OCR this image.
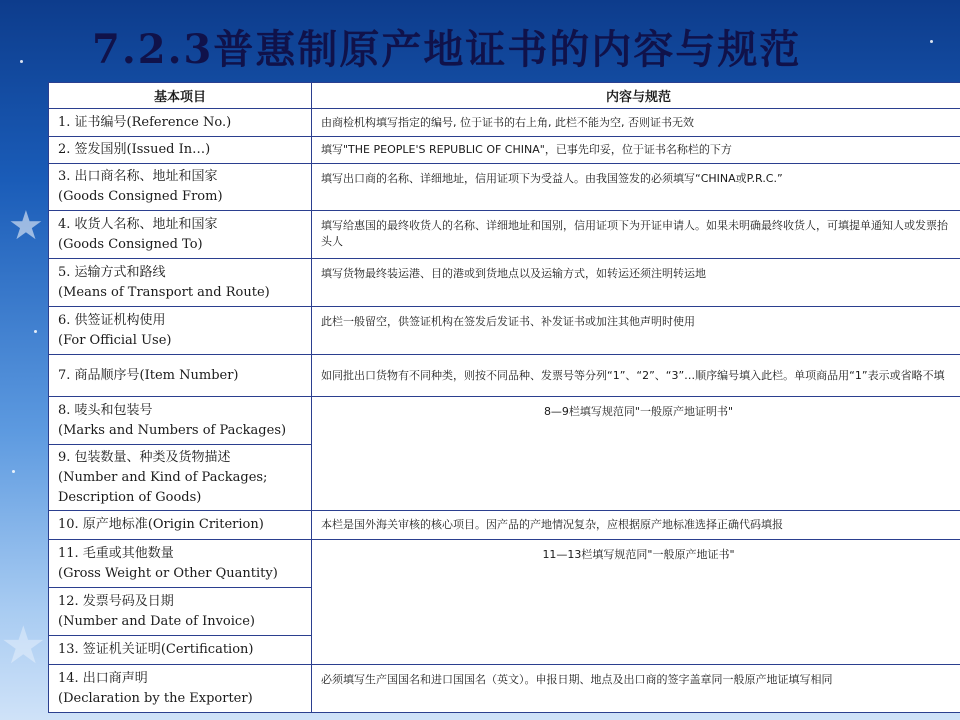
★
★
7.2.3普惠制原产地证书的内容与规范
基本项目	内容与规范
1. 证书编号(Reference No.)	由商检机构填写指定的编号, 位于证书的右上角, 此栏不能为空, 否则证书无效
2. 签发国别(Issued In…)	填写"THE PEOPLE'S REPUBLIC OF CHINA"，已事先印妥，位于证书名称栏的下方

3. 出口商名称、地址和国家
(Goods Consigned From)	填写出口商的名称、详细地址，信用证项下为受益人。由我国签发的必须填写“CHINA或P.R.C.”

4. 收货人名称、地址和国家
(Goods Consigned To)	填写给惠国的最终收货人的名称、详细地址和国别，信用证项下为开证申请人。如果未明确最终收货人，可填提单通知人或发票抬头人

5. 运输方式和路线
(Means of Transport and Route)	填写货物最终装运港、目的港或到货地点以及运输方式，如转运还须注明转运地

6. 供签证机构使用
(For Official Use)	此栏一般留空，供签证机构在签发后发证书、补发证书或加注其他声明时使用
7. 商品顺序号(Item Number)	如同批出口货物有不同种类，则按不同品种、发票号等分列“1”、“2”、“3”…顺序编号填入此栏。单项商品用“1”表示或省略不填

8. 唛头和包装号
(Marks and Numbers of Packages)	8—9栏填写规范同"一般原产地证明书"

9. 包装数量、种类及货物描述
(Number and Kind of Packages; Description of Goods)	

10. 原产地标准(Origin Criterion)	本栏是国外海关审核的核心项目。因产品的产地情况复杂，应根据原产地标准选择正确代码填报

11. 毛重或其他数量
(Gross Weight or Other Quantity)	11—13栏填写规范同"一般原产地证书"

12. 发票号码及日期
(Number and Date of Invoice)	

13. 签证机关证明(Certification)	

14. 出口商声明
(Declaration by the Exporter)	必须填写生产国国名和进口国国名（英文）。申报日期、地点及出口商的签字盖章同一般原产地证填写相同
